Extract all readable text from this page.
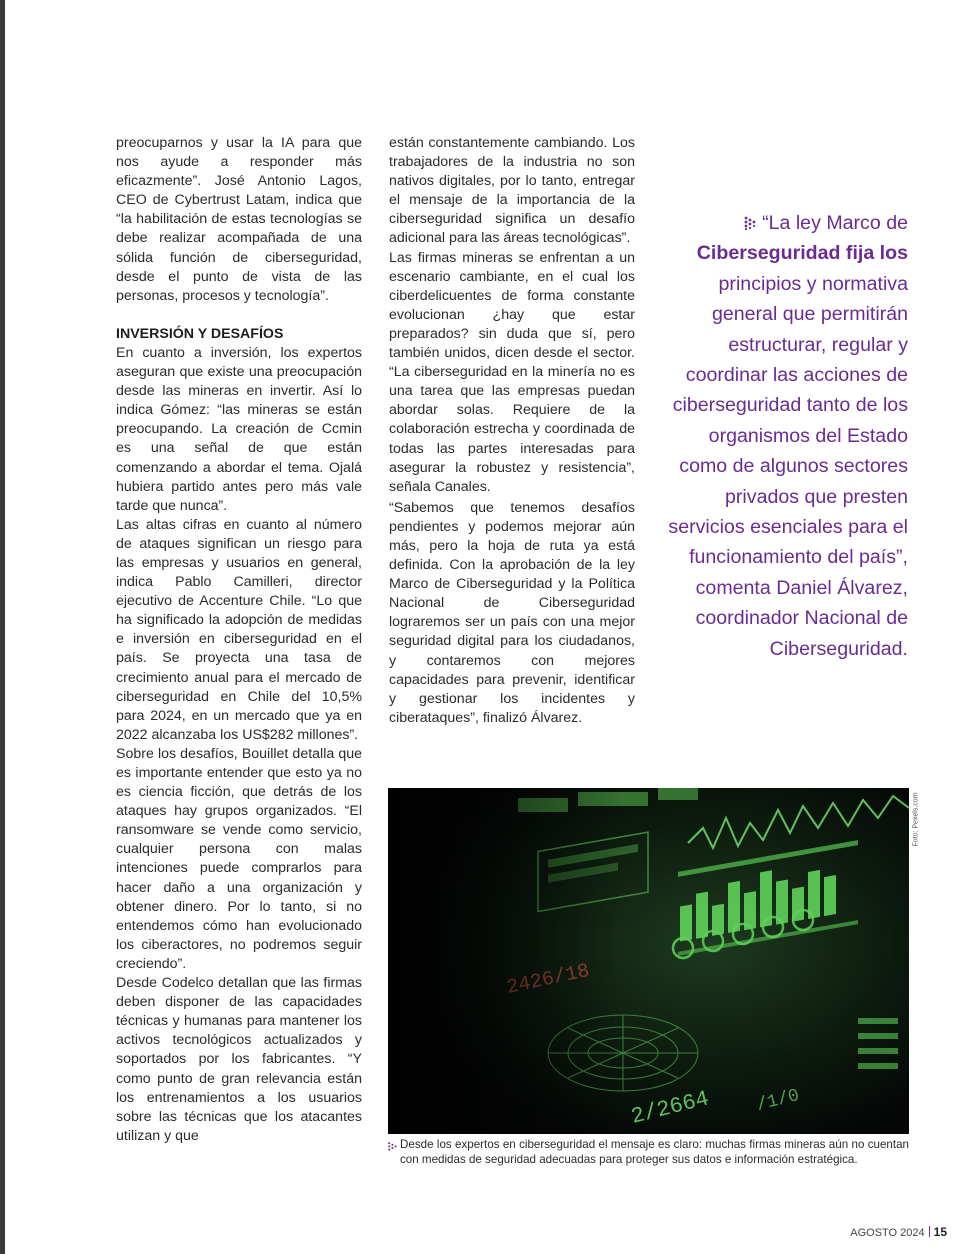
preocuparnos y usar la IA para que nos ayude a responder más eficazmente”. José Antonio Lagos, CEO de Cybertrust Latam, indica que “la habilitación de estas tecnologías se debe realizar acompañada de una sólida función de ciberseguridad, desde el punto de vista de las personas, procesos y tecnología”.

INVERSIÓN Y DESAFÍOS

En cuanto a inversión, los expertos aseguran que existe una preocupación desde las mineras en invertir. Así lo indica Gómez: “las mineras se están preocupando. La creación de Ccmin es una señal de que están comenzando a abordar el tema. Ojalá hubiera partido antes pero más vale tarde que nunca”.

Las altas cifras en cuanto al número de ataques significan un riesgo para las empresas y usuarios en general, indica Pablo Camilleri, director ejecutivo de Accenture Chile. “Lo que ha significado la adopción de medidas e inversión en ciberseguridad en el país. Se proyecta una tasa de crecimiento anual para el mercado de ciberseguridad en Chile del 10,5% para 2024, en un mercado que ya en 2022 alcanzaba los US$282 millones”.

Sobre los desafíos, Bouillet detalla que es importante entender que esto ya no es ciencia ficción, que detrás de los ataques hay grupos organizados. “El ransomware se vende como servicio, cualquier persona con malas intenciones puede comprarlos para hacer daño a una organización y obtener dinero. Por lo tanto, si no entendemos cómo han evolucionado los ciberactores, no podremos seguir creciendo”.

Desde Codelco detallan que las firmas deben disponer de las capacidades técnicas y humanas para mantener los activos tecnológicos actualizados y soportados por los fabricantes. “Y como punto de gran relevancia están los entrenamientos a los usuarios sobre las técnicas que los atacantes utilizan y que

están constantemente cambiando. Los trabajadores de la industria no son nativos digitales, por lo tanto, entregar el mensaje de la importancia de la ciberseguridad significa un desafío adicional para las áreas tecnológicas”.

Las firmas mineras se enfrentan a un escenario cambiante, en el cual los ciberdelicuentes de forma constante evolucionan ¿hay que estar preparados? sin duda que sí, pero también unidos, dicen desde el sector. “La ciberseguridad en la minería no es una tarea que las empresas puedan abordar solas. Requiere de la colaboración estrecha y coordinada de todas las partes interesadas para asegurar la robustez y resistencia”, señala Canales.

“Sabemos que tenemos desafíos pendientes y podemos mejorar aún más, pero la hoja de ruta ya está definida. Con la aprobación de la ley Marco de Ciberseguridad y la Política Nacional de Ciberseguridad lograremos ser un país con una mejor seguridad digital para los ciudadanos, y contaremos con mejores capacidades para prevenir, identificar y gestionar los incidentes y ciberataques”, finalizó Álvarez.

“La ley Marco de Ciberseguridad fija los principios y normativa general que permitirán estructurar, regular y coordinar las acciones de ciberseguridad tanto de los organismos del Estado como de algunos sectores privados que presten servicios esenciales para el funcionamiento del país”, comenta Daniel Álvarez, coordinador Nacional de Ciberseguridad.
Foto: Pexels.com
Desde los expertos en ciberseguridad el mensaje es claro: muchas firmas mineras aún no cuentan con medidas de seguridad adecuadas para proteger sus datos e información estratégica.
AGOSTO 2024 15
